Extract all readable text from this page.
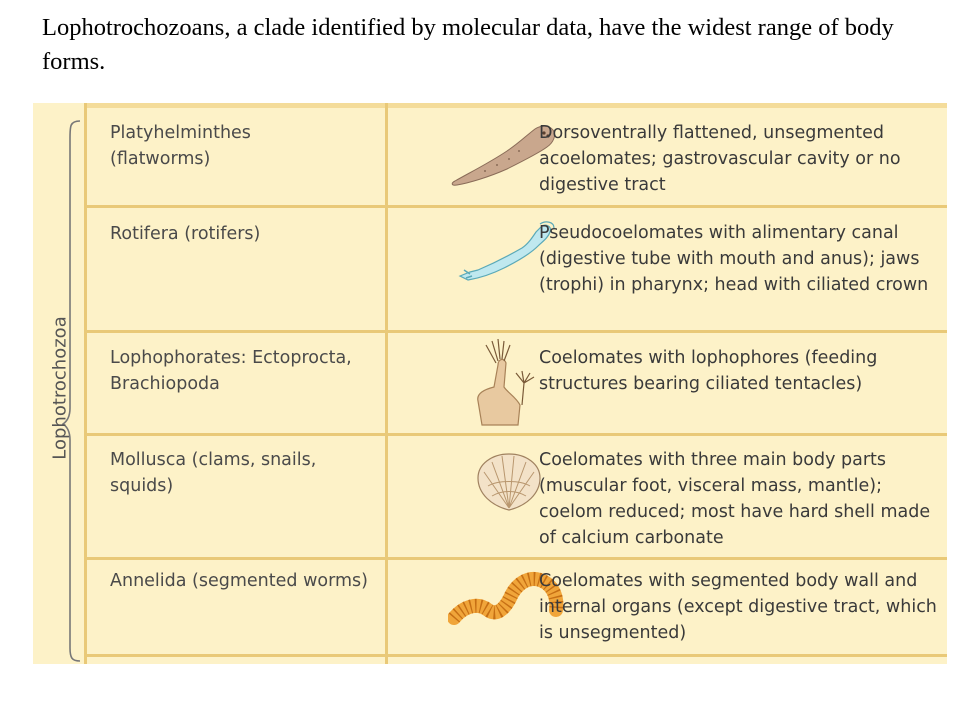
Lophotrochozoans, a clade identified by molecular data, have the widest range of body forms.
Lophotrochozoa
Platyhelminthes (flatworms)
Dorsoventrally flattened, unsegmented acoelomates; gastrovascular cavity or no digestive tract
Rotifera (rotifers)	Pseudocoelomates with alimentary canal (digestive tube with mouth and anus); jaws (trophi) in pharynx; head with ciliated crown
Lophophorates: Ectoprocta, Brachiopoda
Coelomates with lophophores (feeding structures bearing ciliated tentacles)
Mollusca (clams, snails, squids)
Coelomates with three main body parts (muscular foot, visceral mass, mantle); coelom reduced; most have hard shell made of calcium carbonate
Annelida (segmented worms)	Coelomates with segmented body wall and internal organs (except digestive tract, which is unsegmented)
